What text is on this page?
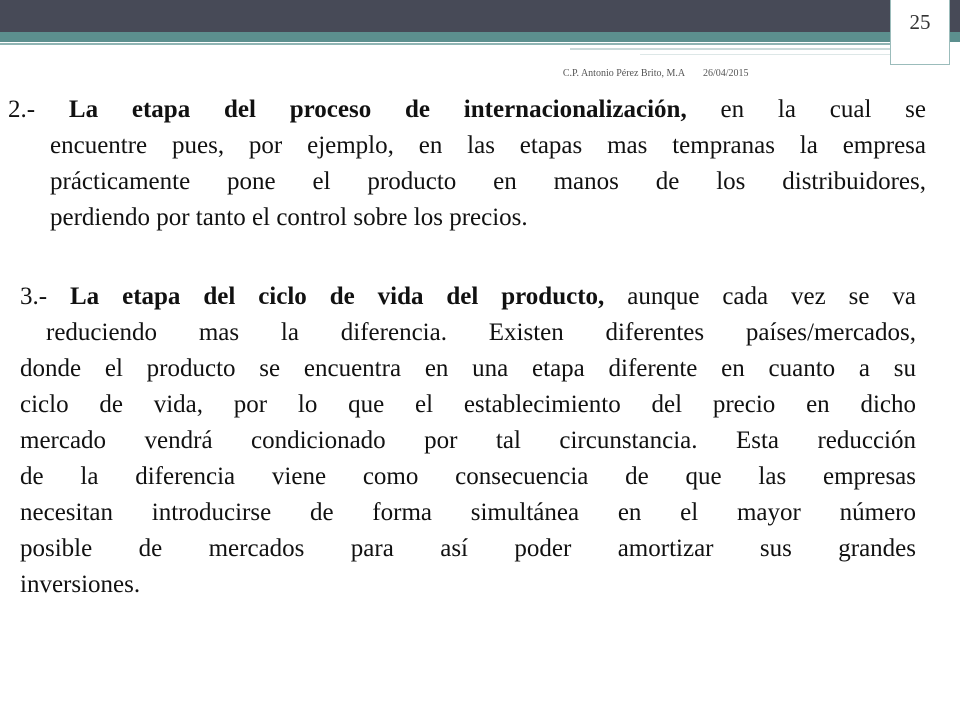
25
C.P. Antonio Pérez Brito, M.A 26/04/2015
2.- La etapa del proceso de internacionalización, en la cual se
encuentre pues, por ejemplo, en las etapas mas tempranas la empresa
prácticamente pone el producto en manos de los distribuidores,
perdiendo por tanto el control sobre los precios.
3.- La etapa del ciclo de vida del producto, aunque cada vez se va
reduciendo mas la diferencia. Existen diferentes países/mercados,
donde el producto se encuentra en una etapa diferente en cuanto a su
ciclo de vida, por lo que el establecimiento del precio en dicho
mercado vendrá condicionado por tal circunstancia. Esta reducción
de la diferencia viene como consecuencia de que las empresas
necesitan introducirse de forma simultánea en el mayor número
posible de mercados para así poder amortizar sus grandes
inversiones.
